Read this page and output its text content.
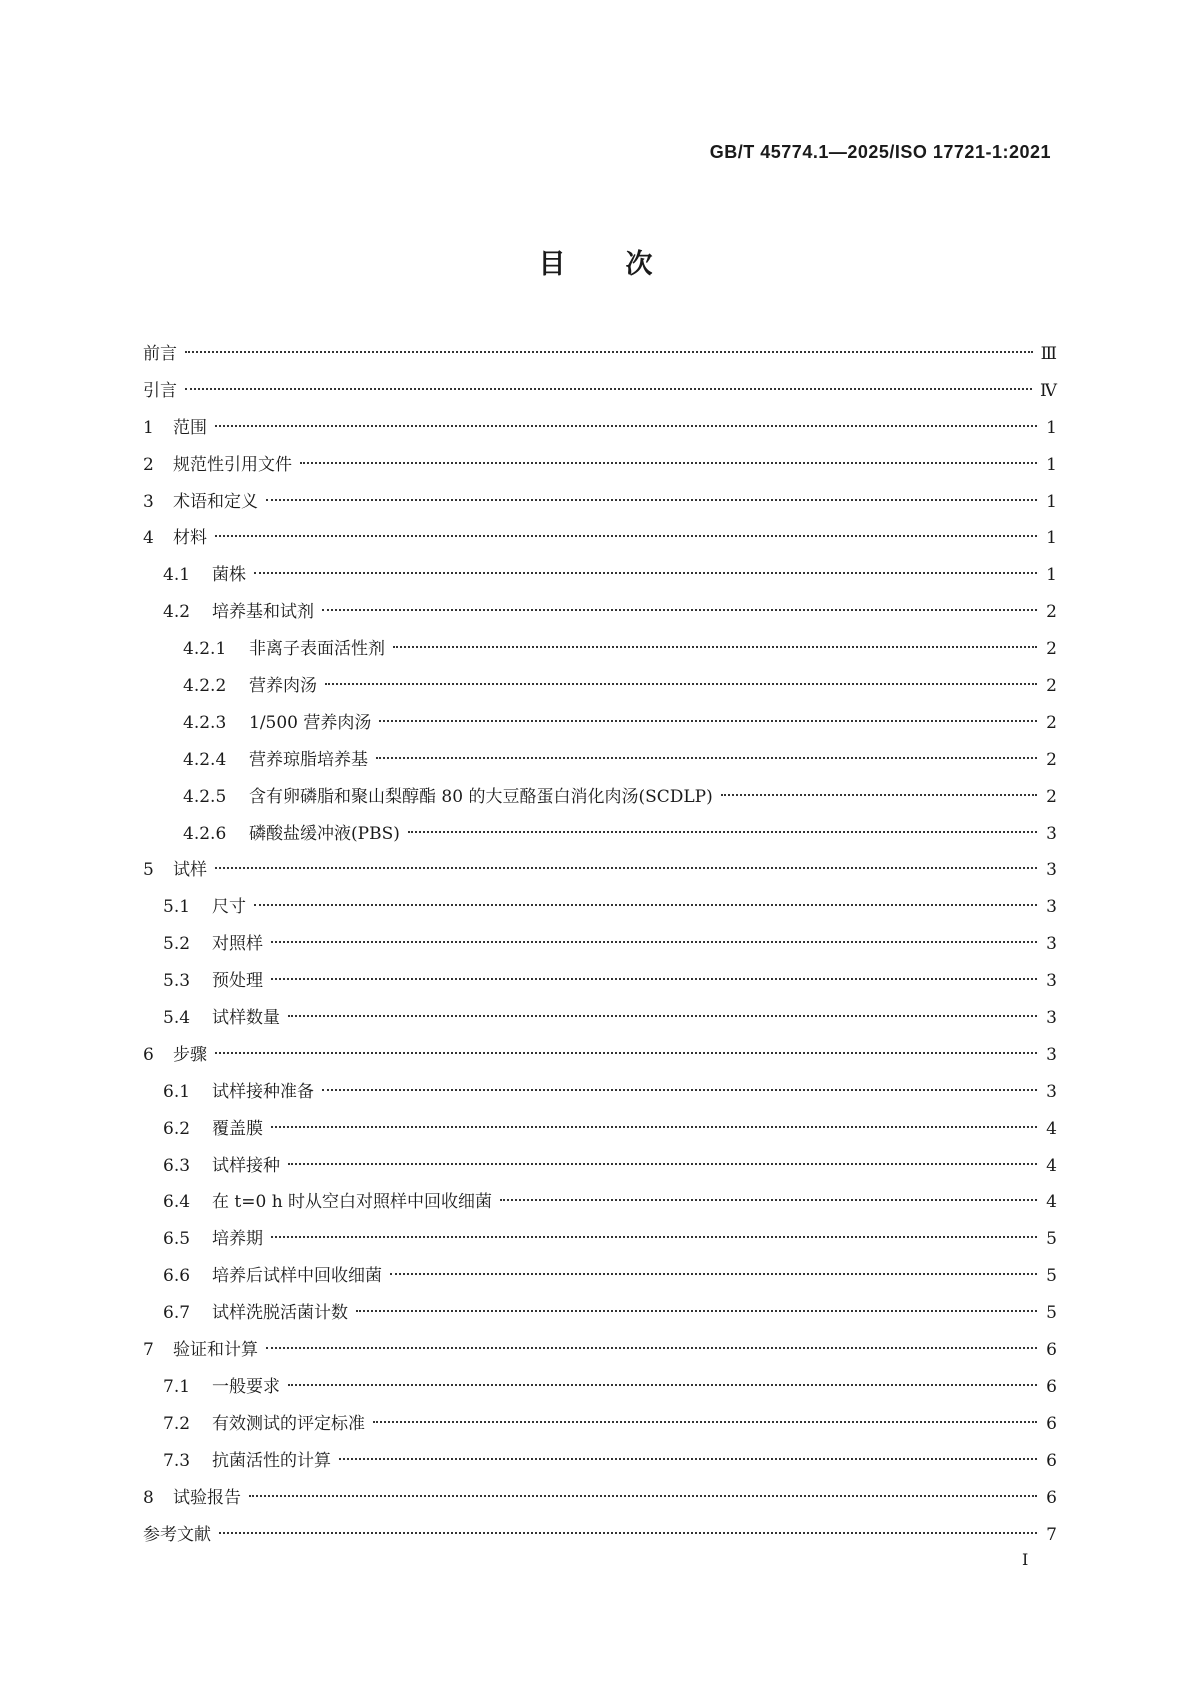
GB/T 45774.1—2025/ISO 17721-1:2021
目次
前言	Ⅲ
引言	Ⅳ
1	范围	1
2	规范性引用文件	1
3	术语和定义	1
4	材料	1
4.1	菌株	1
4.2	培养基和试剂	2
4.2.1	非离子表面活性剂	2
4.2.2	营养肉汤	2
4.2.3	1/500 营养肉汤	2
4.2.4	营养琼脂培养基	2
4.2.5	含有卵磷脂和聚山梨醇酯 80 的大豆酪蛋白消化肉汤(SCDLP)	2
4.2.6	磷酸盐缓冲液(PBS)	3
5	试样	3
5.1	尺寸	3
5.2	对照样	3
5.3	预处理	3
5.4	试样数量	3
6	步骤	3
6.1	试样接种准备	3
6.2	覆盖膜	4
6.3	试样接种	4
6.4	在 t=0 h 时从空白对照样中回收细菌	4
6.5	培养期	5
6.6	培养后试样中回收细菌	5
6.7	试样洗脱活菌计数	5
7	验证和计算	6
7.1	一般要求	6
7.2	有效测试的评定标准	6
7.3	抗菌活性的计算	6
8	试验报告	6
参考文献	7
I
